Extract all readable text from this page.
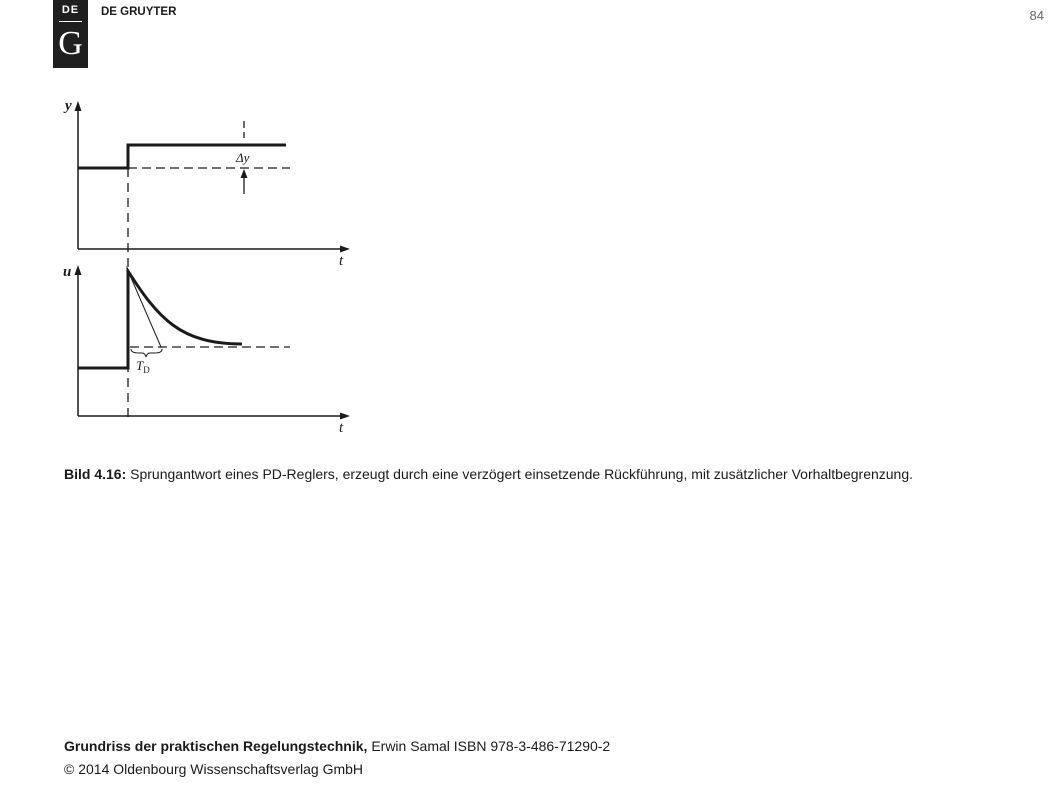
DE
G
DE GRUYTER	84
y
t
Δy
u
t
$T_D$
Bild 4.16: Sprungantwort eines PD-Reglers, erzeugt durch eine verzögert einsetzende Rückführung, mit zusätzlicher Vorhaltbegrenzung.
Grundriss der praktischen Regelungstechnik, Erwin Samal ISBN 978-3-486-71290-2
© 2014 Oldenbourg Wissenschaftsverlag GmbH
